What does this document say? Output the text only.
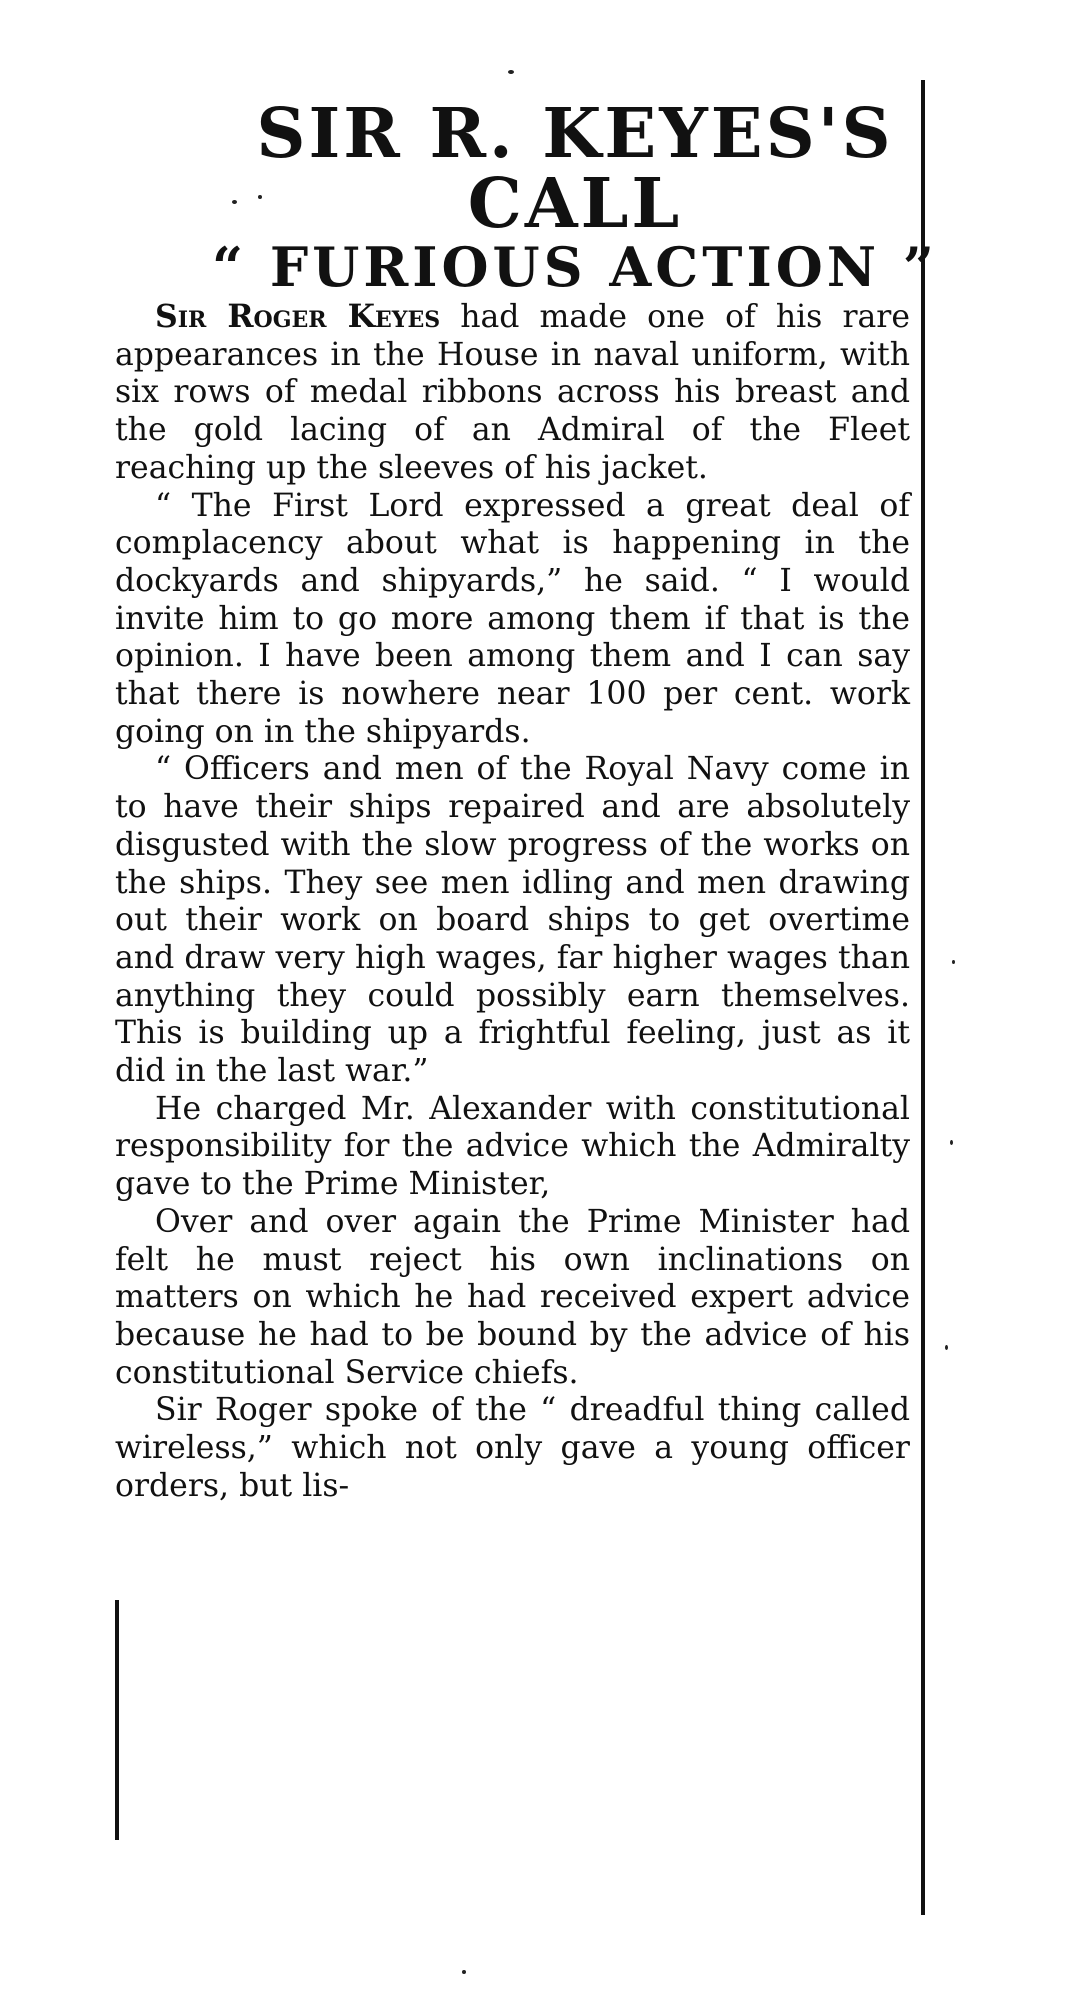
SIR R. KEYES'S
CALL
“ FURIOUS ACTION ”

Sir Roger Keyes had made one of his rare appearances in the House in naval uniform, with six rows of medal ribbons across his breast and the gold lacing of an Admiral of the Fleet reaching up the sleeves of his jacket.

“ The First Lord expressed a great deal of complacency about what is happening in the dockyards and shipyards,” he said. “ I would invite him to go more among them if that is the opinion. I have been among them and I can say that there is nowhere near 100 per cent. work going on in the shipyards.

“ Officers and men of the Royal Navy come in to have their ships repaired and are absolutely disgusted with the slow progress of the works on the ships. They see men idling and men drawing out their work on board ships to get overtime and draw very high wages, far higher wages than anything they could possibly earn themselves. This is building up a frightful feeling, just as it did in the last war.”

He charged Mr. Alexander with constitutional responsibility for the advice which the Admiralty gave to the Prime Minister,

Over and over again the Prime Minister had felt he must reject his own inclinations on matters on which he had received expert advice because he had to be bound by the advice of his constitutional Service chiefs.

Sir Roger spoke of the “ dreadful thing called wireless,” which not only gave a young officer orders, but lis-
